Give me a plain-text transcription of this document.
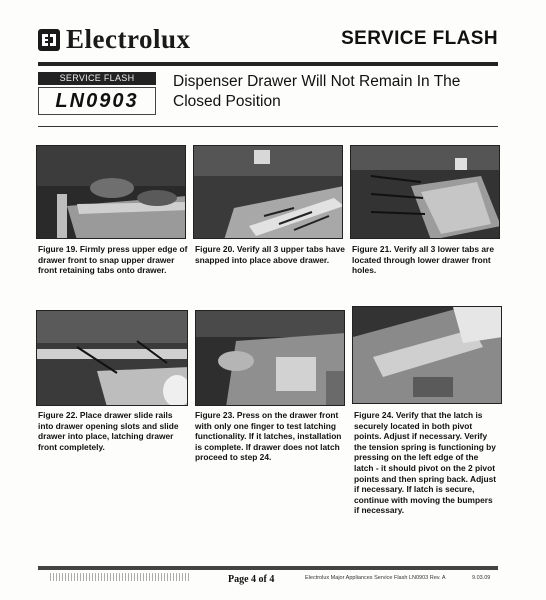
Electrolux	SERVICE FLASH
SERVICE FLASH
LN0903
Dispenser Drawer Will Not Remain In The Closed Position
Figure 19. Firmly press upper edge of drawer front to snap upper drawer front retaining tabs onto drawer.
Figure 20. Verify all 3 upper tabs have snapped into place above drawer.
Figure 21. Verify all 3 lower tabs are located through lower drawer front holes.
Figure 22. Place drawer slide rails into drawer opening slots and slide drawer into place, latching drawer front completely.
Figure 23. Press on the drawer front with only one finger to test latching functionality. If it latches, installation is complete. If drawer does not latch proceed to step 24.
Figure 24. Verify that the latch is securely located in both pivot points. Adjust if necessary. Verify the tension spring is functioning by pressing on the left edge of the latch - it should pivot on the 2 pivot points and then spring back. Adjust if necessary. If latch is secure, continue with moving the bumpers if necessary.
Page 4 of 4	Electrolux Major Appliances Service Flash LN0903 Rev. A	9.03.09
